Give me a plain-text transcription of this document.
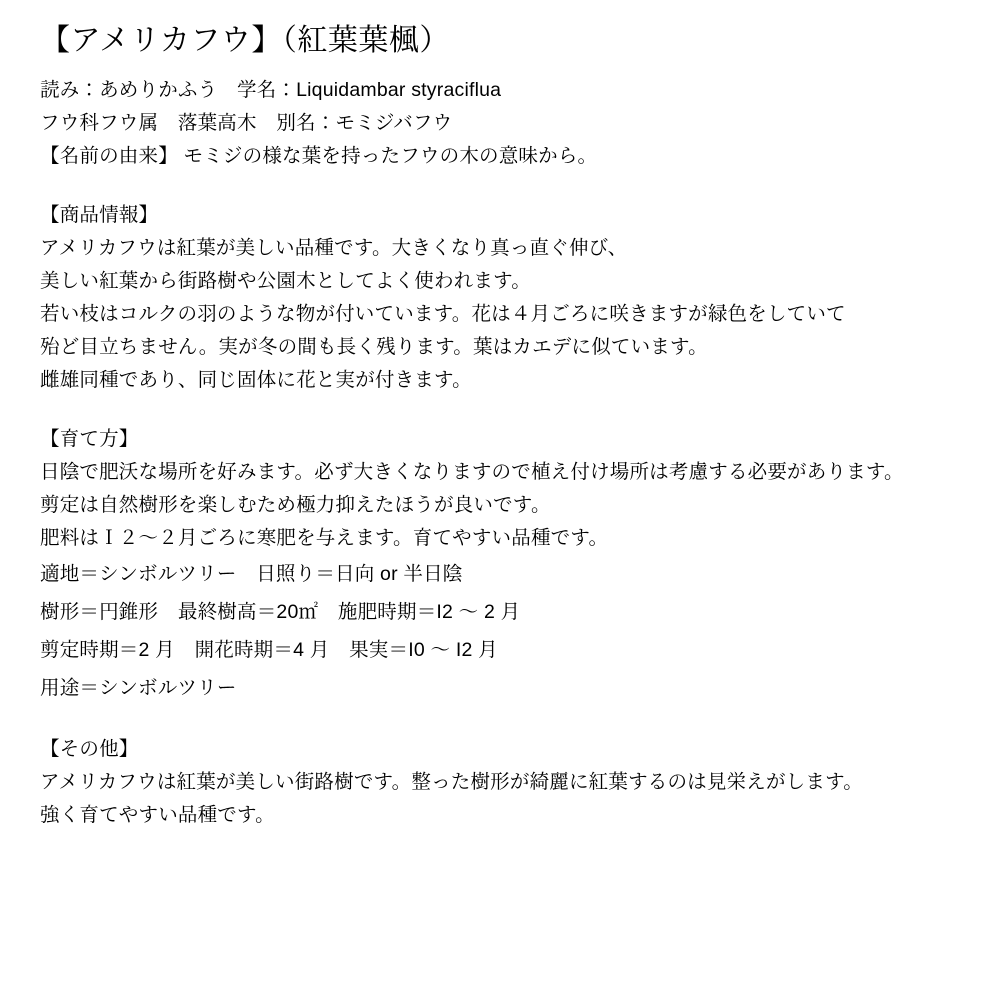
【アメリカフウ】（紅葉葉楓）
読み：あめりかふう　学名：Liquidambar styraciflua
フウ科フウ属　落葉高木　別名：モミジバフウ
【名前の由来】 モミジの様な葉を持ったフウの木の意味から。
【商品情報】
アメリカフウは紅葉が美しい品種です。大きくなり真っ直ぐ伸び、
美しい紅葉から街路樹や公園木としてよく使われます。
若い枝はコルクの羽のような物が付いています。花は４月ごろに咲きますが緑色をしていて
殆ど目立ちません。実が冬の間も長く残ります。葉はカエデに似ています。
雌雄同種であり、同じ固体に花と実が付きます。
【育て方】
日陰で肥沃な場所を好みます。必ず大きくなりますので植え付け場所は考慮する必要があります。
剪定は自然樹形を楽しむため極力抑えたほうが良いです。
肥料はＩ２～２月ごろに寒肥を与えます。育てやすい品種です。
適地＝シンボルツリー　日照り＝日向 or 半日陰
樹形＝円錐形　最終樹高＝20㎡　施肥時期＝I2 ～ 2 月
剪定時期＝2 月　開花時期＝4 月　果実＝I0 ～ I2 月
用途＝シンボルツリー
【その他】
アメリカフウは紅葉が美しい街路樹です。整った樹形が綺麗に紅葉するのは見栄えがします。
強く育てやすい品種です。
